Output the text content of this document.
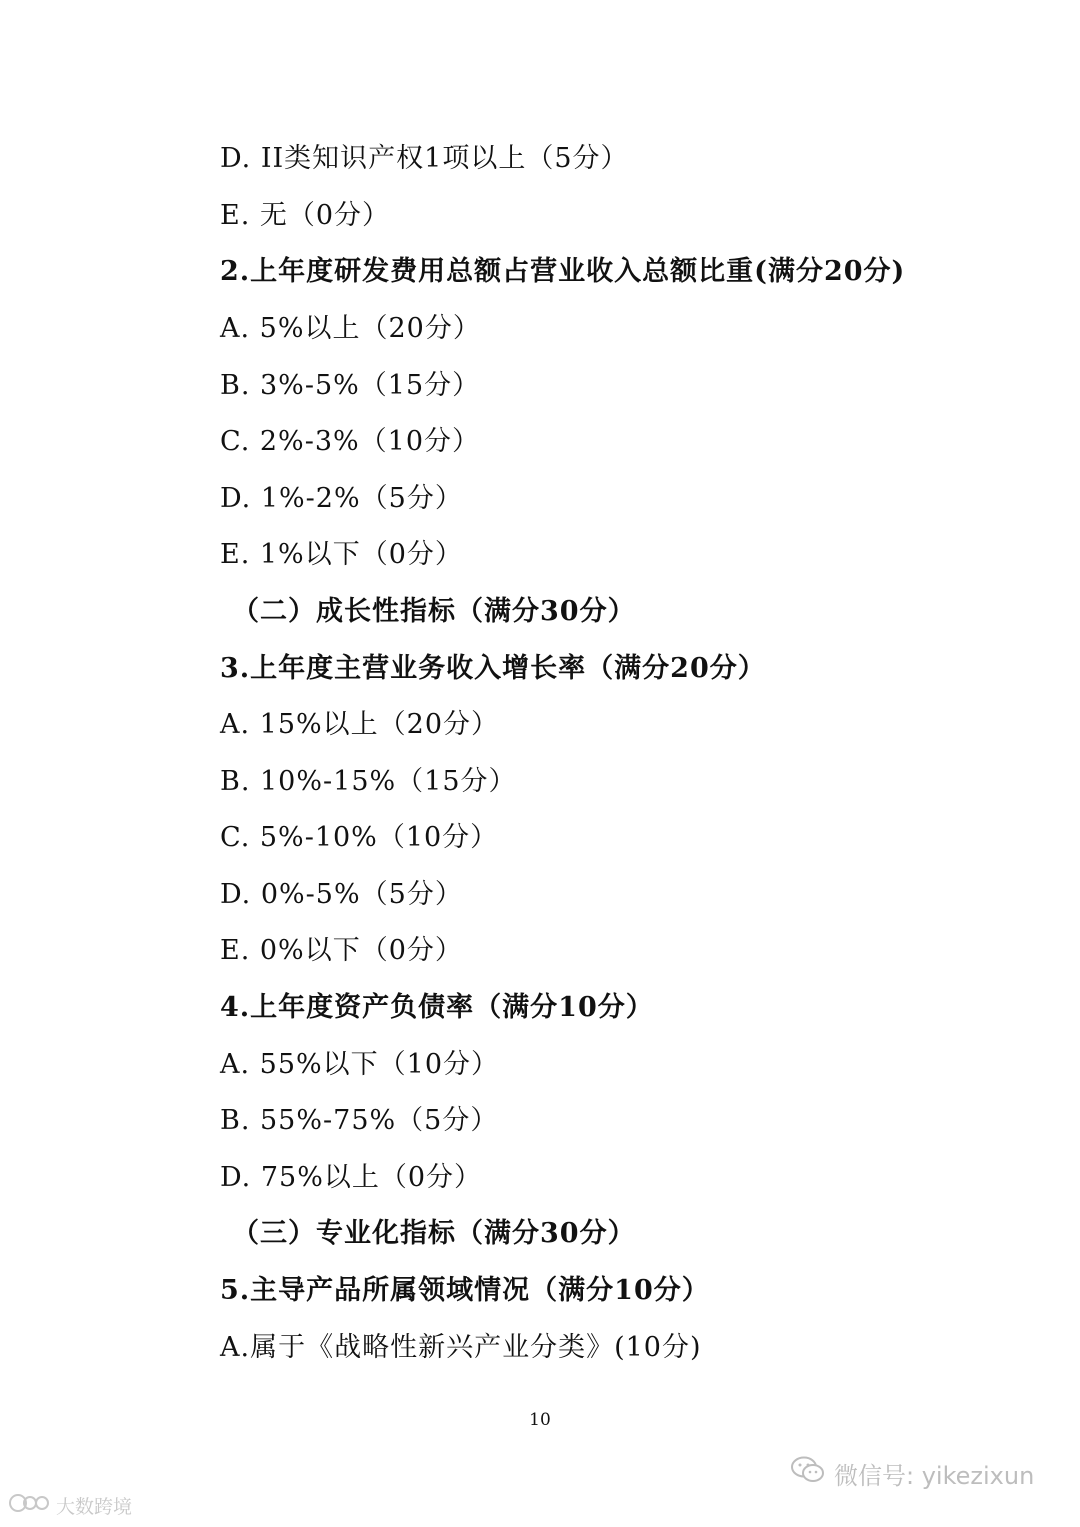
D. II类知识产权1项以上（5分）
E. 无（0分）
2.上年度研发费用总额占营业收入总额比重(满分20分)
A. 5%以上（20分）
B. 3%-5%（15分）
C. 2%-3%（10分）
D. 1%-2%（5分）
E. 1%以下（0分）
（二）成长性指标（满分30分）
3.上年度主营业务收入增长率（满分20分）
A. 15%以上（20分）
B. 10%-15%（15分）
C. 5%-10%（10分）
D. 0%-5%（5分）
E. 0%以下（0分）
4.上年度资产负债率（满分10分）
A. 55%以下（10分）
B. 55%-75%（5分）
D. 75%以上（0分）
（三）专业化指标（满分30分）
5.主导产品所属领域情况（满分10分）
A.属于《战略性新兴产业分类》(10分)
10
微信号: yikezixun
大数跨境
